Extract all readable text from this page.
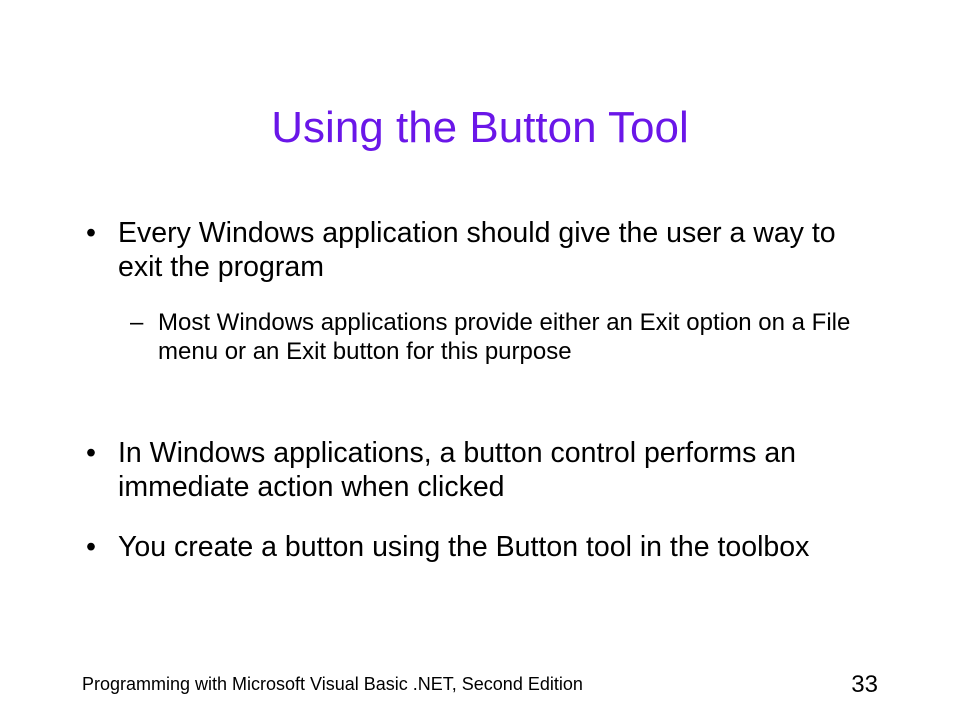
Using the Button Tool
• Every Windows application should give the user a way to exit the program
– Most Windows applications provide either an Exit option on a File menu or an Exit button for this purpose
• In Windows applications, a button control performs an immediate action when clicked
• You create a button using the Button tool in the toolbox
Programming with Microsoft Visual Basic .NET, Second Edition	33
